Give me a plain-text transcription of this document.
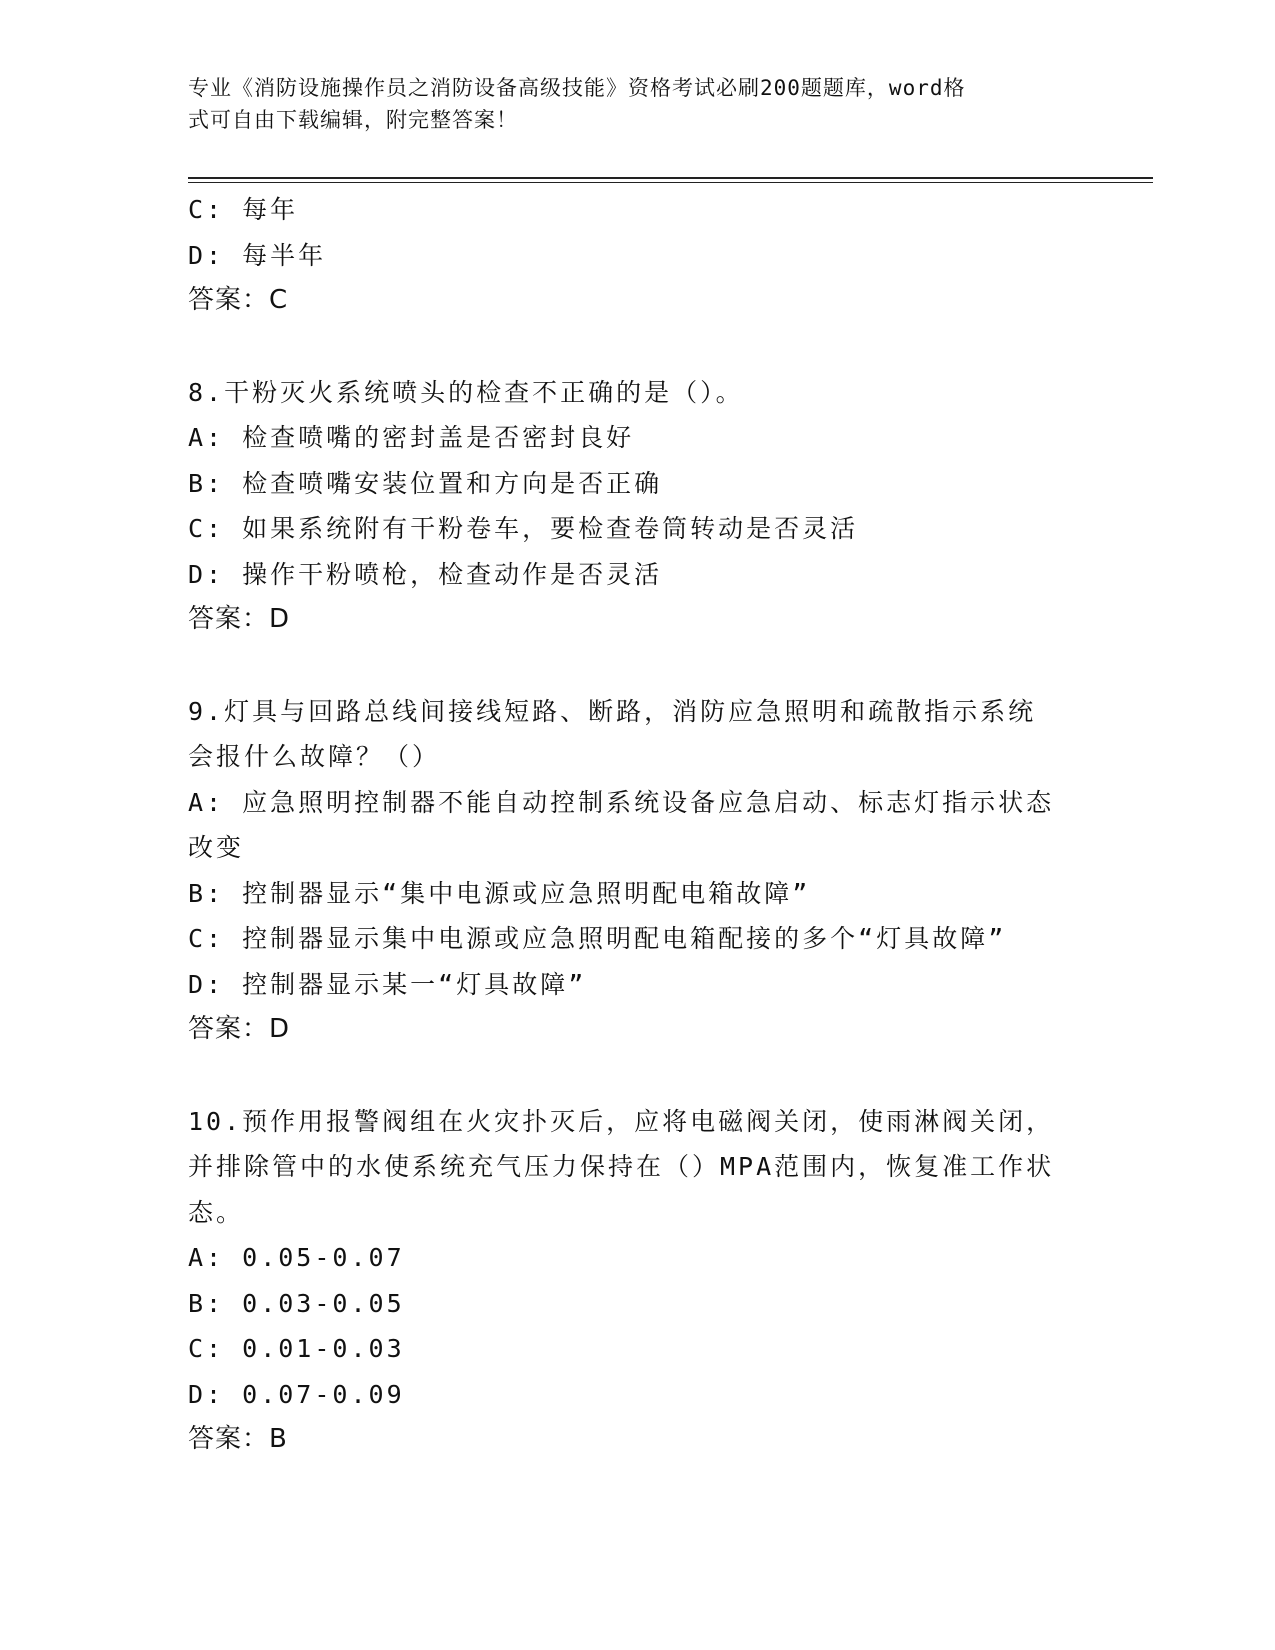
专业《消防设施操作员之消防设备高级技能》资格考试必刷200题题库，word格
式可自由下载编辑，附完整答案！
C: 每年
D: 每半年
答案：C
8.干粉灭火系统喷头的检查不正确的是（）。
A: 检查喷嘴的密封盖是否密封良好
B: 检查喷嘴安装位置和方向是否正确
C: 如果系统附有干粉卷车，要检查卷筒转动是否灵活
D: 操作干粉喷枪，检查动作是否灵活
答案：D
9.灯具与回路总线间接线短路、断路，消防应急照明和疏散指示系统
会报什么故障？（）
A: 应急照明控制器不能自动控制系统设备应急启动、标志灯指示状态
改变
B: 控制器显示“集中电源或应急照明配电箱故障”
C: 控制器显示集中电源或应急照明配电箱配接的多个“灯具故障”
D: 控制器显示某一“灯具故障”
答案：D
10.预作用报警阀组在火灾扑灭后，应将电磁阀关闭，使雨淋阀关闭，
并排除管中的水使系统充气压力保持在（）MPA范围内，恢复准工作状
态。
A: 0.05-0.07
B: 0.03-0.05
C: 0.01-0.03
D: 0.07-0.09
答案：B
